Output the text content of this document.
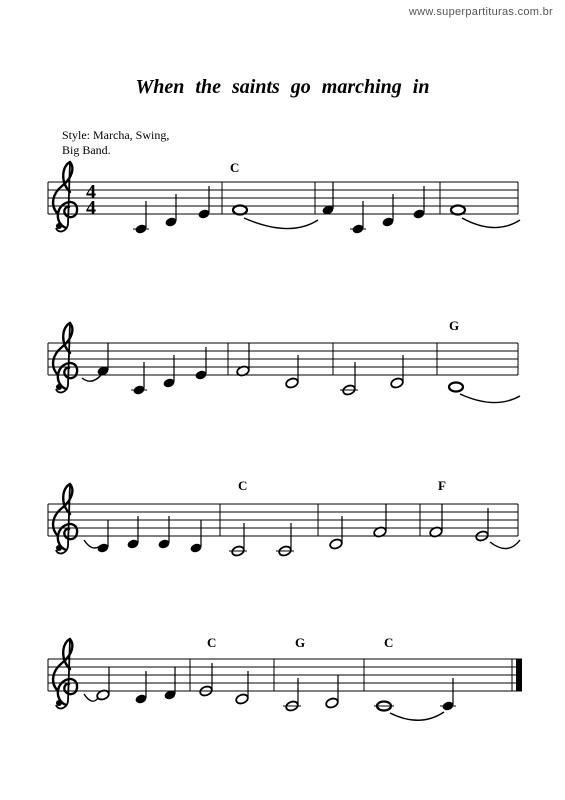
www.superpartituras.com.br
When the saints go marching in
Style: Marcha, Swing,
Big Band.
C
G
C	F
C	G	C
4
4
